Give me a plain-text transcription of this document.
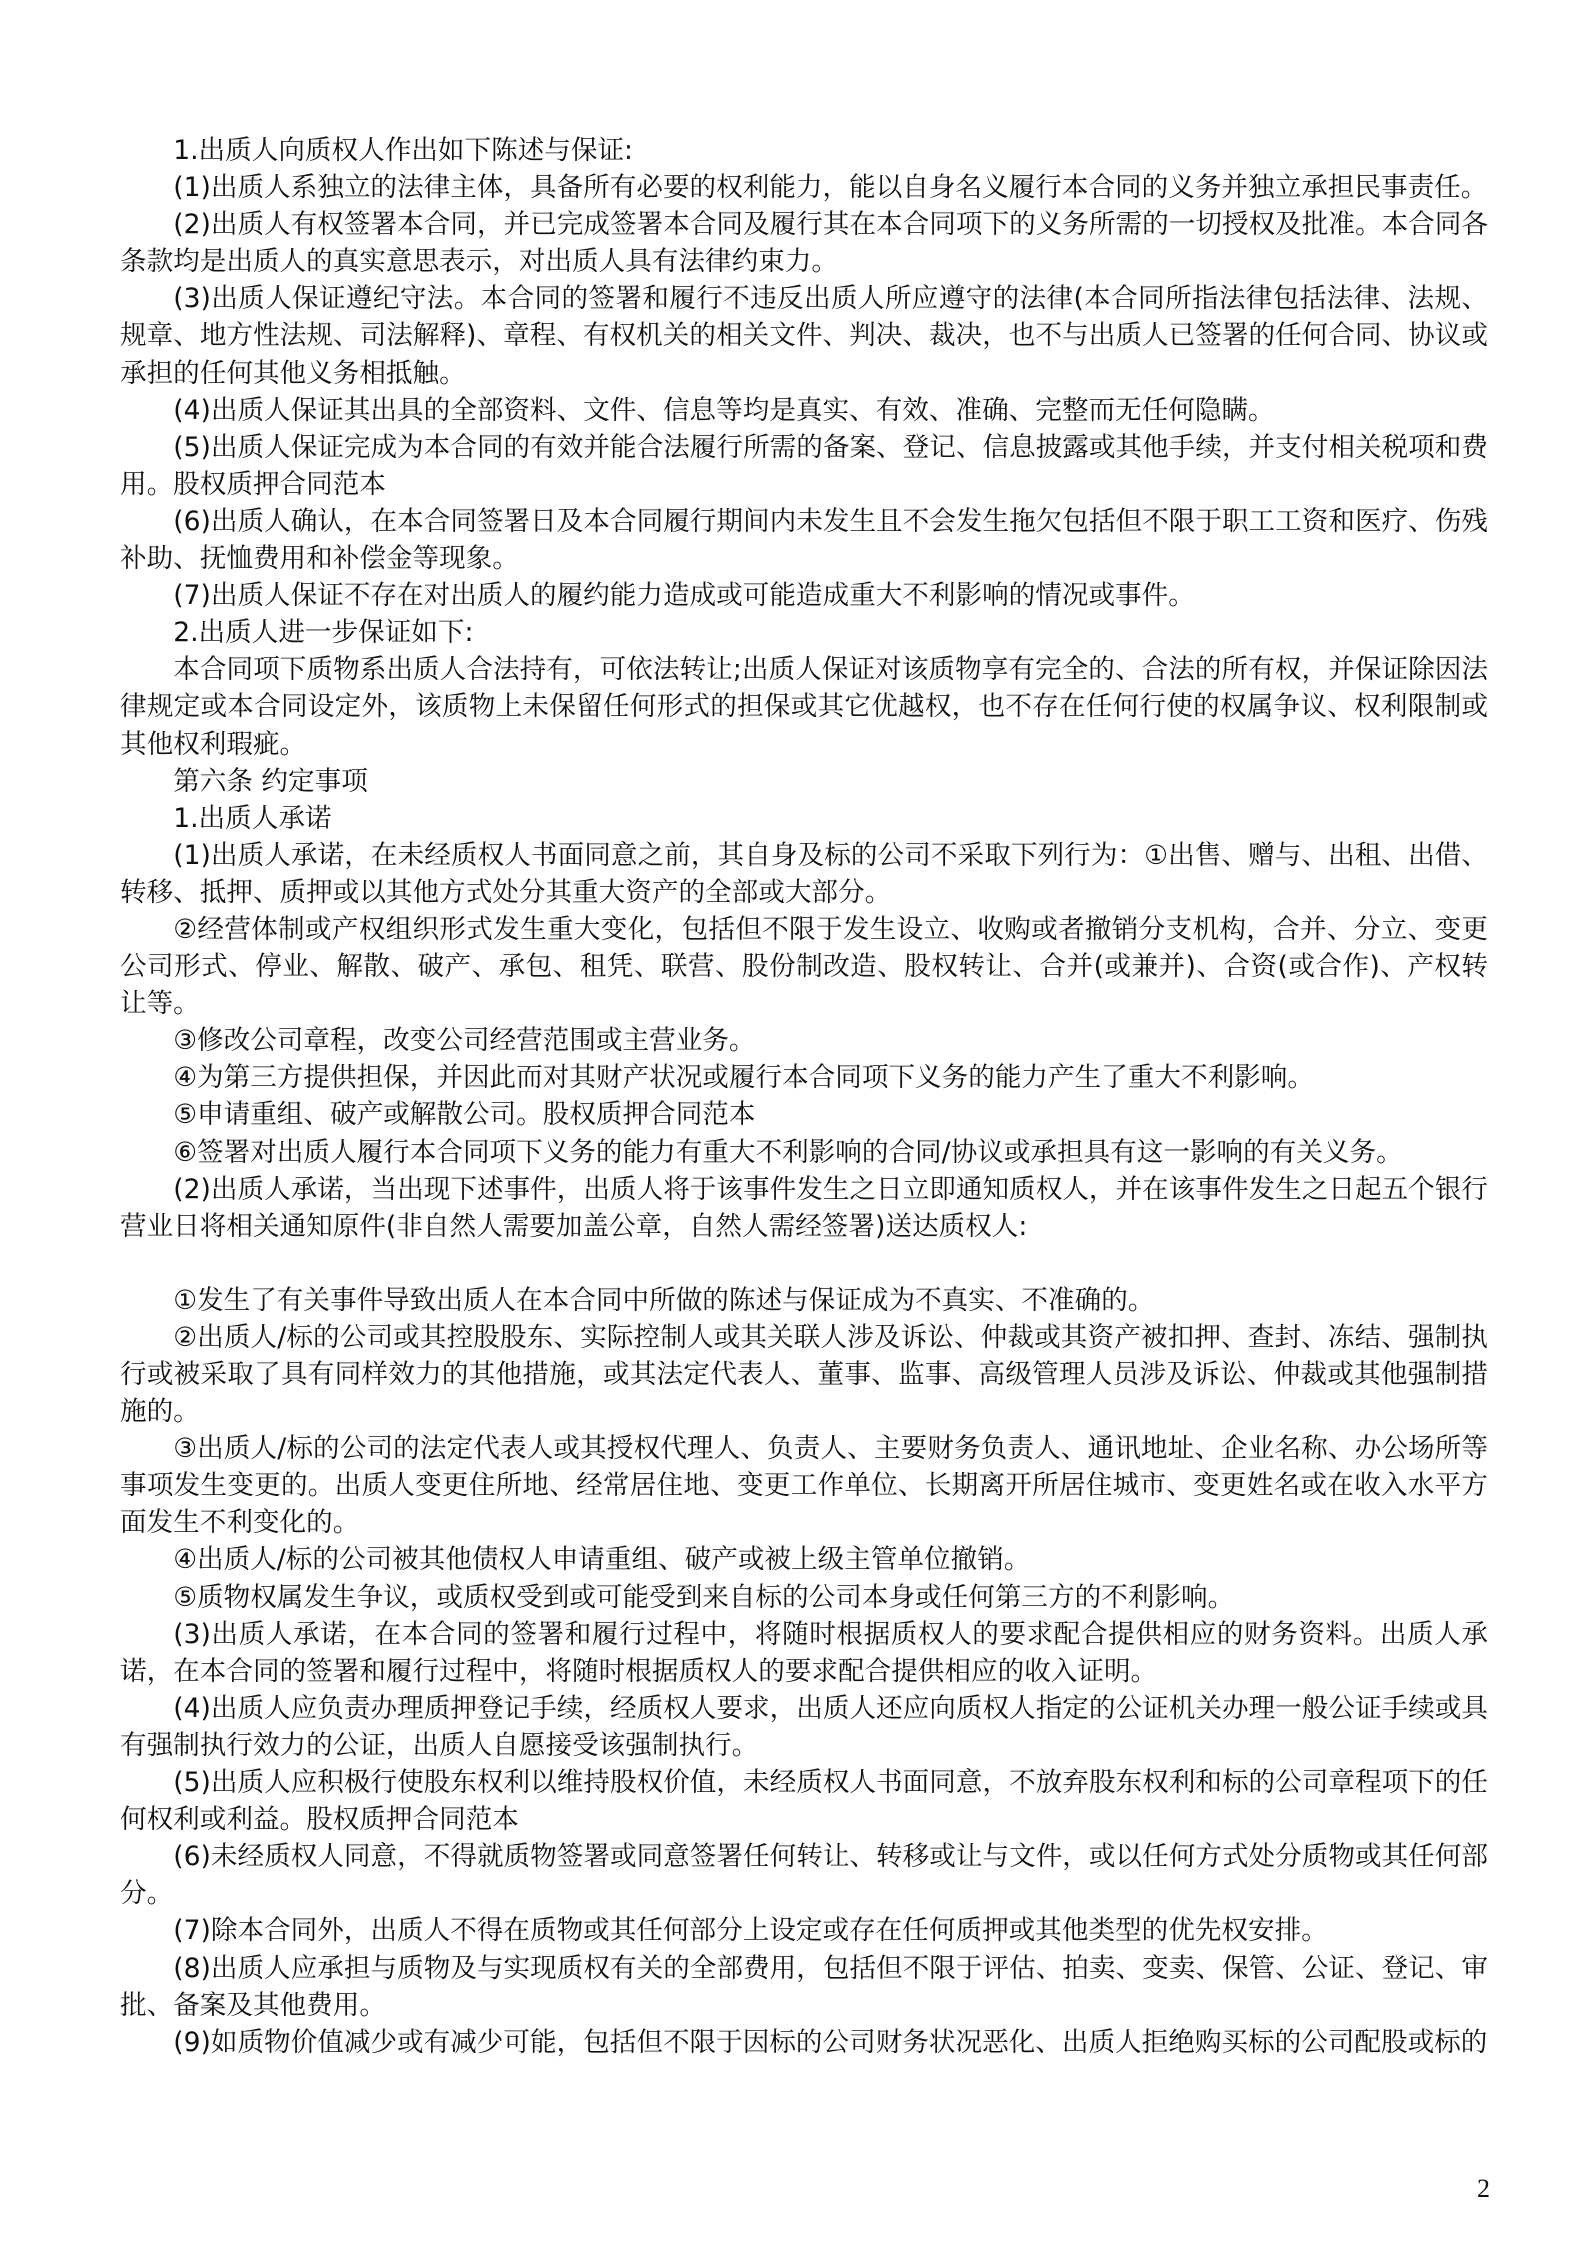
1.出质人向质权人作出如下陈述与保证:

(1)出质人系独立的法律主体，具备所有必要的权利能力，能以自身名义履行本合同的义务并独立承担民事责任。

(2)出质人有权签署本合同，并已完成签署本合同及履行其在本合同项下的义务所需的一切授权及批准。本合同各条款均是出质人的真实意思表示，对出质人具有法律约束力。

(3)出质人保证遵纪守法。本合同的签署和履行不违反出质人所应遵守的法律(本合同所指法律包括法律、法规、规章、地方性法规、司法解释)、章程、有权机关的相关文件、判决、裁决，也不与出质人已签署的任何合同、协议或承担的任何其他义务相抵触。

(4)出质人保证其出具的全部资料、文件、信息等均是真实、有效、准确、完整而无任何隐瞒。

(5)出质人保证完成为本合同的有效并能合法履行所需的备案、登记、信息披露或其他手续，并支付相关税项和费用。股权质押合同范本

(6)出质人确认，在本合同签署日及本合同履行期间内未发生且不会发生拖欠包括但不限于职工工资和医疗、伤残补助、抚恤费用和补偿金等现象。

(7)出质人保证不存在对出质人的履约能力造成或可能造成重大不利影响的情况或事件。

2.出质人进一步保证如下:

本合同项下质物系出质人合法持有，可依法转让;出质人保证对该质物享有完全的、合法的所有权，并保证除因法律规定或本合同设定外，该质物上未保留任何形式的担保或其它优越权，也不存在任何行使的权属争议、权利限制或其他权利瑕疵。

第六条 约定事项

1.出质人承诺

(1)出质人承诺，在未经质权人书面同意之前，其自身及标的公司不采取下列行为：①出售、赠与、出租、出借、转移、抵押、质押或以其他方式处分其重大资产的全部或大部分。

②经营体制或产权组织形式发生重大变化，包括但不限于发生设立、收购或者撤销分支机构，合并、分立、变更公司形式、停业、解散、破产、承包、租凭、联营、股份制改造、股权转让、合并(或兼并)、合资(或合作)、产权转让等。

③修改公司章程，改变公司经营范围或主营业务。

④为第三方提供担保，并因此而对其财产状况或履行本合同项下义务的能力产生了重大不利影响。

⑤申请重组、破产或解散公司。股权质押合同范本

⑥签署对出质人履行本合同项下义务的能力有重大不利影响的合同/协议或承担具有这一影响的有关义务。

(2)出质人承诺，当出现下述事件，出质人将于该事件发生之日立即通知质权人，并在该事件发生之日起五个银行营业日将相关通知原件(非自然人需要加盖公章，自然人需经签署)送达质权人:

①发生了有关事件导致出质人在本合同中所做的陈述与保证成为不真实、不准确的。

②出质人/标的公司或其控股股东、实际控制人或其关联人涉及诉讼、仲裁或其资产被扣押、查封、冻结、强制执行或被采取了具有同样效力的其他措施，或其法定代表人、董事、监事、高级管理人员涉及诉讼、仲裁或其他强制措施的。

③出质人/标的公司的法定代表人或其授权代理人、负责人、主要财务负责人、通讯地址、企业名称、办公场所等事项发生变更的。出质人变更住所地、经常居住地、变更工作单位、长期离开所居住城市、变更姓名或在收入水平方面发生不利变化的。

④出质人/标的公司被其他债权人申请重组、破产或被上级主管单位撤销。

⑤质物权属发生争议，或质权受到或可能受到来自标的公司本身或任何第三方的不利影响。

(3)出质人承诺，在本合同的签署和履行过程中，将随时根据质权人的要求配合提供相应的财务资料。出质人承诺，在本合同的签署和履行过程中，将随时根据质权人的要求配合提供相应的收入证明。

(4)出质人应负责办理质押登记手续，经质权人要求，出质人还应向质权人指定的公证机关办理一般公证手续或具有强制执行效力的公证，出质人自愿接受该强制执行。

(5)出质人应积极行使股东权利以维持股权价值，未经质权人书面同意，不放弃股东权利和标的公司章程项下的任何权利或利益。股权质押合同范本

(6)未经质权人同意，不得就质物签署或同意签署任何转让、转移或让与文件，或以任何方式处分质物或其任何部分。

(7)除本合同外，出质人不得在质物或其任何部分上设定或存在任何质押或其他类型的优先权安排。

(8)出质人应承担与质物及与实现质权有关的全部费用，包括但不限于评估、拍卖、变卖、保管、公证、登记、审批、备案及其他费用。

(9)如质物价值减少或有减少可能，包括但不限于因标的公司财务状况恶化、出质人拒绝购买标的公司配股或标的

2
